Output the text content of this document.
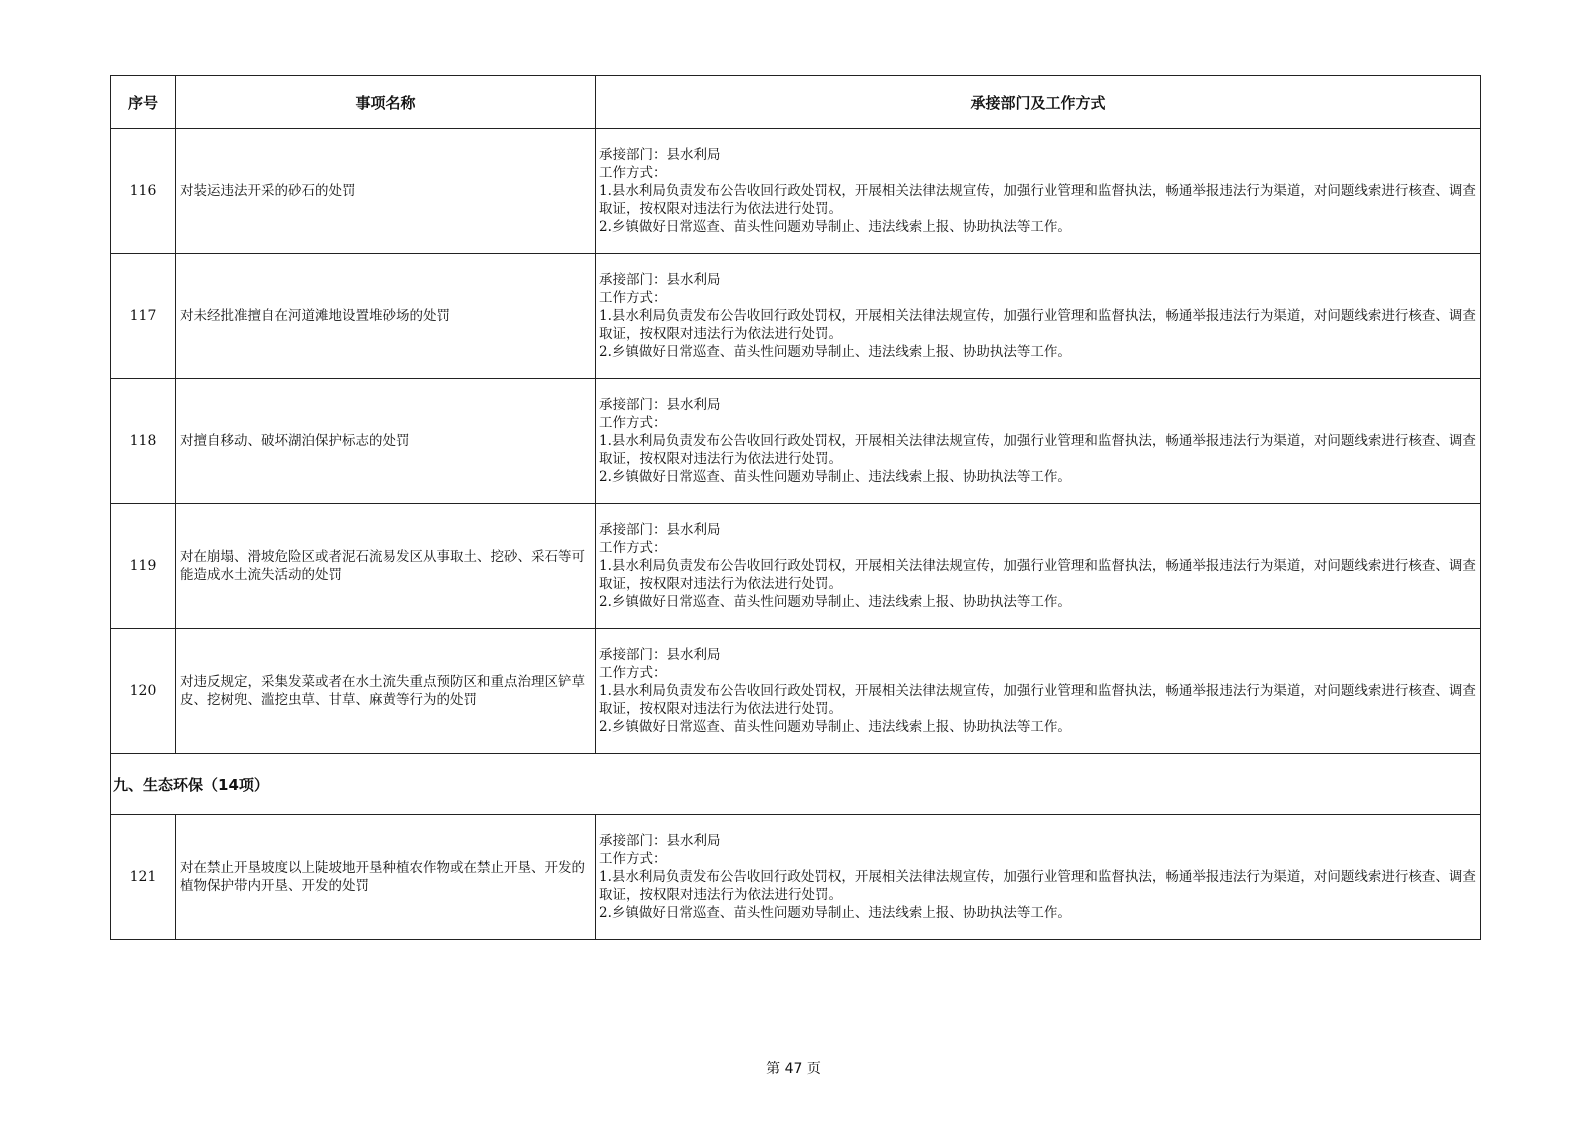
序号	事项名称	承接部门及工作方式
116	对装运违法开采的砂石的处罚	承接部门：县水利局
工作方式：
1.县水利局负责发布公告收回行政处罚权，开展相关法律法规宣传，加强行业管理和监督执法，畅通举报违法行为渠道，对问题线索进行核查、调查取证，按权限对违法行为依法进行处罚。
2.乡镇做好日常巡查、苗头性问题劝导制止、违法线索上报、协助执法等工作。

117	对未经批准擅自在河道滩地设置堆砂场的处罚	承接部门：县水利局
工作方式：
1.县水利局负责发布公告收回行政处罚权，开展相关法律法规宣传，加强行业管理和监督执法，畅通举报违法行为渠道，对问题线索进行核查、调查取证，按权限对违法行为依法进行处罚。
2.乡镇做好日常巡查、苗头性问题劝导制止、违法线索上报、协助执法等工作。

118	对擅自移动、破坏湖泊保护标志的处罚	承接部门：县水利局
工作方式：
1.县水利局负责发布公告收回行政处罚权，开展相关法律法规宣传，加强行业管理和监督执法，畅通举报违法行为渠道，对问题线索进行核查、调查取证，按权限对违法行为依法进行处罚。
2.乡镇做好日常巡查、苗头性问题劝导制止、违法线索上报、协助执法等工作。

119	对在崩塌、滑坡危险区或者泥石流易发区从事取土、挖砂、采石等可能造成水土流失活动的处罚	承接部门：县水利局
工作方式：
1.县水利局负责发布公告收回行政处罚权，开展相关法律法规宣传，加强行业管理和监督执法，畅通举报违法行为渠道，对问题线索进行核查、调查取证，按权限对违法行为依法进行处罚。
2.乡镇做好日常巡查、苗头性问题劝导制止、违法线索上报、协助执法等工作。

120	对违反规定，采集发菜或者在水土流失重点预防区和重点治理区铲草皮、挖树兜、滥挖虫草、甘草、麻黄等行为的处罚	承接部门：县水利局
工作方式：
1.县水利局负责发布公告收回行政处罚权，开展相关法律法规宣传，加强行业管理和监督执法，畅通举报违法行为渠道，对问题线索进行核查、调查取证，按权限对违法行为依法进行处罚。
2.乡镇做好日常巡查、苗头性问题劝导制止、违法线索上报、协助执法等工作。

九、生态环保（14项）		
121	对在禁止开垦坡度以上陡坡地开垦种植农作物或在禁止开垦、开发的植物保护带内开垦、开发的处罚	承接部门：县水利局
工作方式：
1.县水利局负责发布公告收回行政处罚权，开展相关法律法规宣传，加强行业管理和监督执法，畅通举报违法行为渠道，对问题线索进行核查、调查取证，按权限对违法行为依法进行处罚。
2.乡镇做好日常巡查、苗头性问题劝导制止、违法线索上报、协助执法等工作。
第 47 页
